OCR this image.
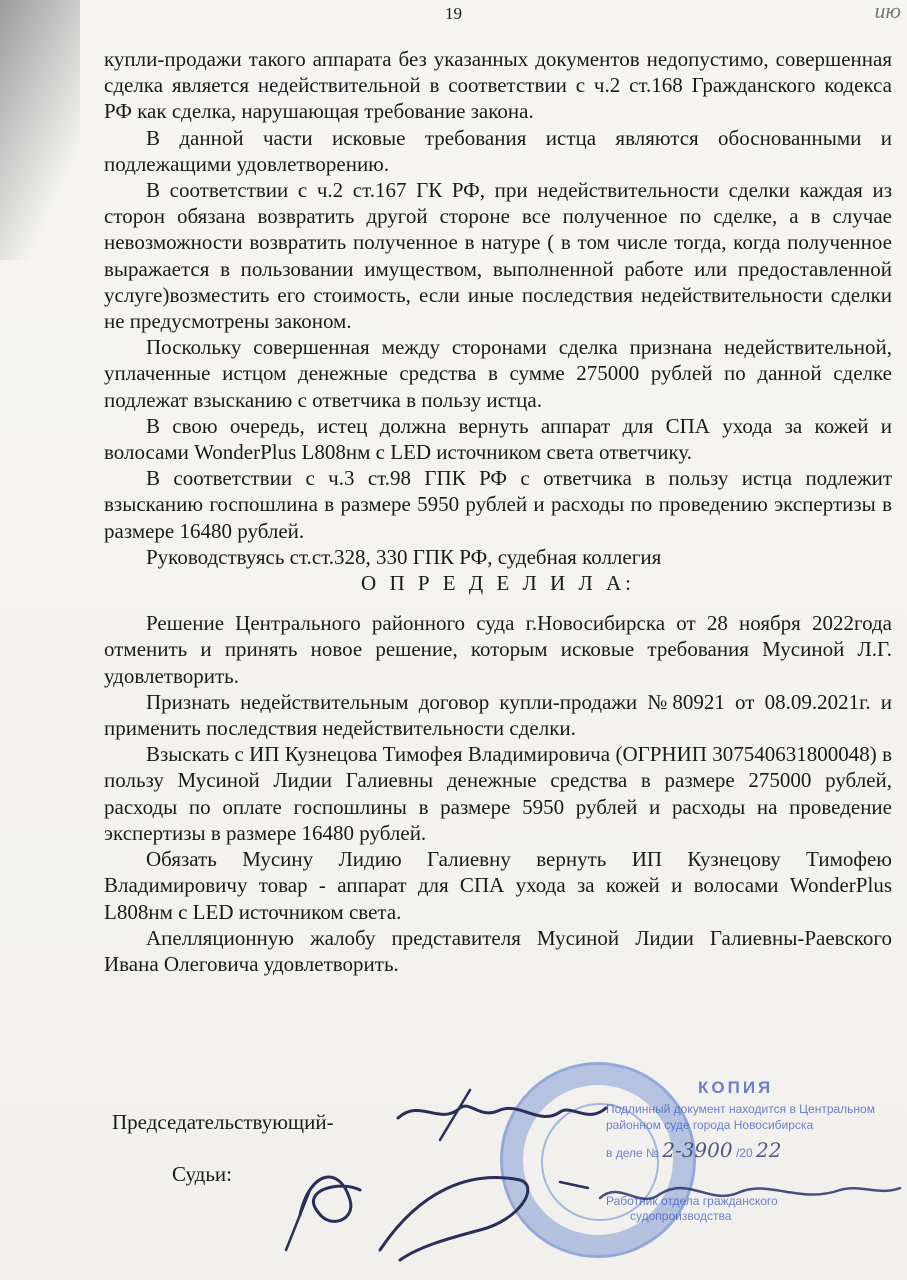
19	ию

купли-продажи такого аппарата без указанных документов недопустимо, совершенная сделка является недействительной в соответствии с ч.2 ст.168 Гражданского кодекса РФ как сделка, нарушающая требование закона.

В данной части исковые требования истца являются обоснованными и подлежащими удовлетворению.

В соответствии с ч.2 ст.167 ГК РФ, при недействительности сделки каждая из сторон обязана возвратить другой стороне все полученное по сделке, а в случае невозможности возвратить полученное в натуре ( в том числе тогда, когда полученное выражается в пользовании имуществом, выполненной работе или предоставленной услуге)возместить его стоимость, если иные последствия недействительности сделки не предусмотрены законом.

Поскольку совершенная между сторонами сделка признана недействительной, уплаченные истцом денежные средства в сумме 275000 рублей по данной сделке подлежат взысканию с ответчика в пользу истца.

В свою очередь, истец должна вернуть аппарат для СПА ухода за кожей и волосами WonderPlus L808нм с LED источником света ответчику.

В соответствии с ч.3 ст.98 ГПК РФ с ответчика в пользу истца подлежит взысканию госпошлина в размере 5950 рублей и расходы по проведению экспертизы в размере 16480 рублей.

Руководствуясь ст.ст.328, 330 ГПК РФ, судебная коллегия

О П Р Е Д Е Л И Л А:

Решение Центрального районного суда г.Новосибирска от 28 ноября 2022года отменить и принять новое решение, которым исковые требования Мусиной Л.Г. удовлетворить.

Признать недействительным договор купли-продажи №80921 от 08.09.2021г. и применить последствия недействительности сделки.

Взыскать с ИП Кузнецова Тимофея Владимировича (ОГРНИП 307540631800048) в пользу Мусиной Лидии Галиевны денежные средства в размере 275000 рублей, расходы по оплате госпошлины в размере 5950 рублей и расходы на проведение экспертизы в размере 16480 рублей.

Обязать Мусину Лидию Галиевну вернуть ИП Кузнецову Тимофею Владимировичу товар - аппарат для СПА ухода за кожей и волосами WonderPlus L808нм с LED источником света.

Апелляционную жалобу представителя Мусиной Лидии Галиевны-Раевского Ивана Олеговича удовлетворить.

КОПИЯ
Подлинный документ находится в Центральном
районном суде города Новосибирска
в деле № 2-3900 /20 22
Работник отдела гражданского
судопроизводства
Председательствующий-
Судьи:
